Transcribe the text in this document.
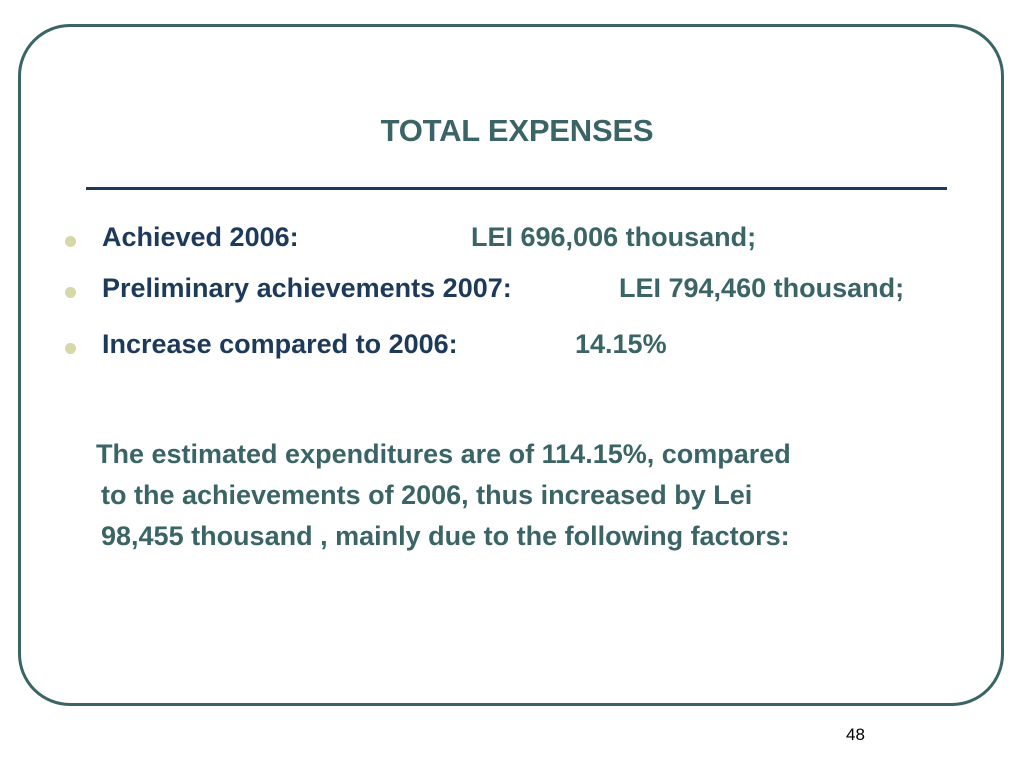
TOTAL EXPENSES
Achieved 2006:	LEI 696,006 thousand;
Preliminary achievements 2007:	LEI 794,460 thousand;
Increase compared to 2006:	14.15%
The estimated expenditures are of 114.15%, compared
to the achievements of 2006, thus increased by Lei
98,455 thousand , mainly due to the following factors:
48
